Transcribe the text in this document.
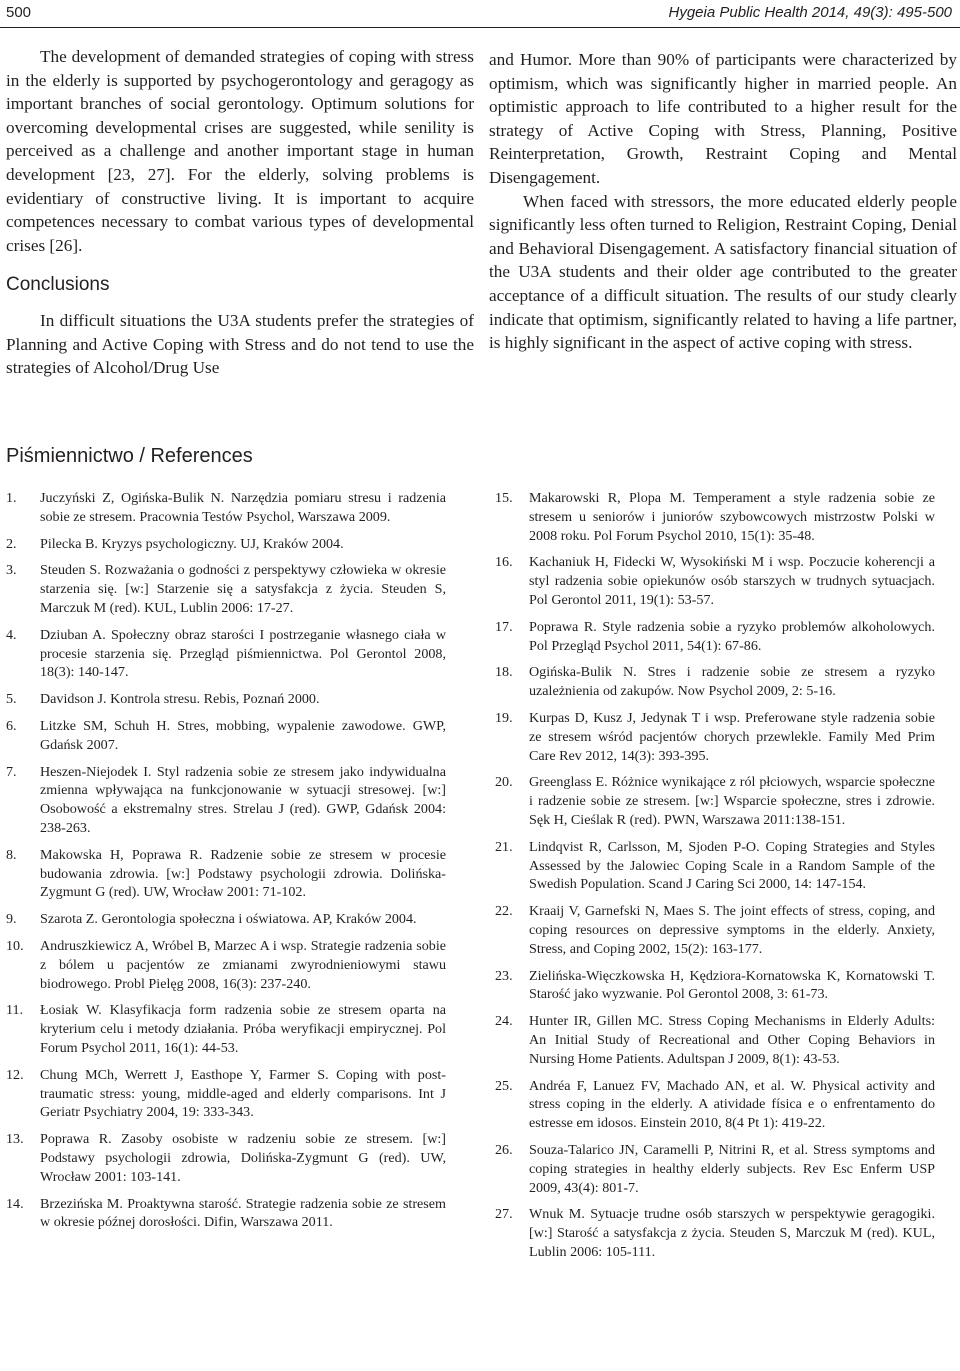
500	Hygeia Public Health 2014, 49(3): 495-500

The development of demanded strategies of coping with stress in the elderly is supported by psychogerontology and geragogy as important branches of social gerontology. Optimum solutions for overcoming developmental crises are suggested, while senility is perceived as a challenge and another important stage in human development [23, 27]. For the elderly, solving problems is evidentiary of constructive living. It is important to acquire competences necessary to combat various types of developmental crises [26].

Conclusions

In difficult situations the U3A students prefer the strategies of Planning and Active Coping with Stress and do not tend to use the strategies of Alcohol/Drug Use

and Humor. More than 90% of participants were characterized by optimism, which was significantly higher in married people. An optimistic approach to life contributed to a higher result for the strategy of Active Coping with Stress, Planning, Positive Reinterpretation, Growth, Restraint Coping and Mental Disengagement.

When faced with stressors, the more educated elderly people significantly less often turned to Religion, Restraint Coping, Denial and Behavioral Disengagement. A satisfactory financial situation of the U3A students and their older age contributed to the greater acceptance of a difficult situation. The results of our study clearly indicate that optimism, significantly related to having a life partner, is highly significant in the aspect of active coping with stress.

Piśmiennictwo / References
1.	Juczyński Z, Ogińska-Bulik N. Narzędzia pomiaru stresu i radzenia sobie ze stresem. Pracownia Testów Psychol, Warszawa 2009.
2.	Pilecka B. Kryzys psychologiczny. UJ, Kraków 2004.
3.	Steuden S. Rozważania o godności z perspektywy człowieka w okresie starzenia się. [w:] Starzenie się a satysfakcja z życia. Steuden S, Marczuk M (red). KUL, Lublin 2006: 17-27.
4.	Dziuban A. Społeczny obraz starości I postrzeganie własnego ciała w procesie starzenia się. Przegląd piśmiennictwa. Pol Gerontol 2008, 18(3): 140-147.
5.	Davidson J. Kontrola stresu. Rebis, Poznań 2000.
6.	Litzke SM, Schuh H. Stres, mobbing, wypalenie zawodowe. GWP, Gdańsk 2007.
7.	Heszen-Niejodek I. Styl radzenia sobie ze stresem jako indywidualna zmienna wpływająca na funkcjonowanie w sytuacji stresowej. [w:] Osobowość a ekstremalny stres. Strelau J (red). GWP, Gdańsk 2004: 238-263.
8.	Makowska H, Poprawa R. Radzenie sobie ze stresem w procesie budowania zdrowia. [w:] Podstawy psychologii zdrowia. Dolińska-Zygmunt G (red). UW, Wrocław 2001: 71-102.
9.	Szarota Z. Gerontologia społeczna i oświatowa. AP, Kraków 2004.
10.	Andruszkiewicz A, Wróbel B, Marzec A i wsp. Strategie radzenia sobie z bólem u pacjentów ze zmianami zwyrodnieniowymi stawu biodrowego. Probl Pielęg 2008, 16(3): 237-240.
11.	Łosiak W. Klasyfikacja form radzenia sobie ze stresem oparta na kryterium celu i metody działania. Próba weryfikacji empirycznej. Pol Forum Psychol 2011, 16(1): 44-53.
12.	Chung MCh, Werrett J, Easthope Y, Farmer S. Coping with post-traumatic stress: young, middle-aged and elderly comparisons. Int J Geriatr Psychiatry 2004, 19: 333-343.
13.	Poprawa R. Zasoby osobiste w radzeniu sobie ze stresem. [w:] Podstawy psychologii zdrowia, Dolińska-Zygmunt G (red). UW, Wrocław 2001: 103-141.
14.	Brzezińska M. Proaktywna starość. Strategie radzenia sobie ze stresem w okresie późnej dorosłości. Difin, Warszawa 2011.
15.	Makarowski R, Plopa M. Temperament a style radzenia sobie ze stresem u seniorów i juniorów szybowcowych mistrzostw Polski w 2008 roku. Pol Forum Psychol 2010, 15(1): 35-48.
16.	Kachaniuk H, Fidecki W, Wysokiński M i wsp. Poczucie koherencji a styl radzenia sobie opiekunów osób starszych w trudnych sytuacjach. Pol Gerontol 2011, 19(1): 53-57.
17.	Poprawa R. Style radzenia sobie a ryzyko problemów alkoholowych. Pol Przegląd Psychol 2011, 54(1): 67-86.
18.	Ogińska-Bulik N. Stres i radzenie sobie ze stresem a ryzyko uzależnienia od zakupów. Now Psychol 2009, 2: 5-16.
19.	Kurpas D, Kusz J, Jedynak T i wsp. Preferowane style radzenia sobie ze stresem wśród pacjentów chorych przewlekle. Family Med Prim Care Rev 2012, 14(3): 393-395.
20.	Greenglass E. Różnice wynikające z ról płciowych, wsparcie społeczne i radzenie sobie ze stresem. [w:] Wsparcie społeczne, stres i zdrowie. Sęk H, Cieślak R (red). PWN, Warszawa 2011:138-151.
21.	Lindqvist R, Carlsson, M, Sjoden P-O. Coping Strategies and Styles Assessed by the Jalowiec Coping Scale in a Random Sample of the Swedish Population. Scand J Caring Sci 2000, 14: 147-154.
22.	Kraaij V, Garnefski N, Maes S. The joint effects of stress, coping, and coping resources on depressive symptoms in the elderly. Anxiety, Stress, and Coping 2002, 15(2): 163-177.
23.	Zielińska-Więczkowska H, Kędziora-Kornatowska K, Kornatowski T. Starość jako wyzwanie. Pol Gerontol 2008, 3: 61-73.
24.	Hunter IR, Gillen MC. Stress Coping Mechanisms in Elderly Adults: An Initial Study of Recreational and Other Coping Behaviors in Nursing Home Patients. Adultspan J 2009, 8(1): 43-53.
25.	Andréa F, Lanuez FV, Machado AN, et al. W. Physical activity and stress coping in the elderly. A atividade física e o enfrentamento do estresse em idosos. Einstein 2010, 8(4 Pt 1): 419-22.
26.	Souza-Talarico JN, Caramelli P, Nitrini R, et al. Stress symptoms and coping strategies in healthy elderly subjects. Rev Esc Enferm USP 2009, 43(4): 801-7.
27.	Wnuk M. Sytuacje trudne osób starszych w perspektywie geragogiki.[w:] Starość a satysfakcja z życia. Steuden S, Marczuk M (red). KUL, Lublin 2006: 105-111.
